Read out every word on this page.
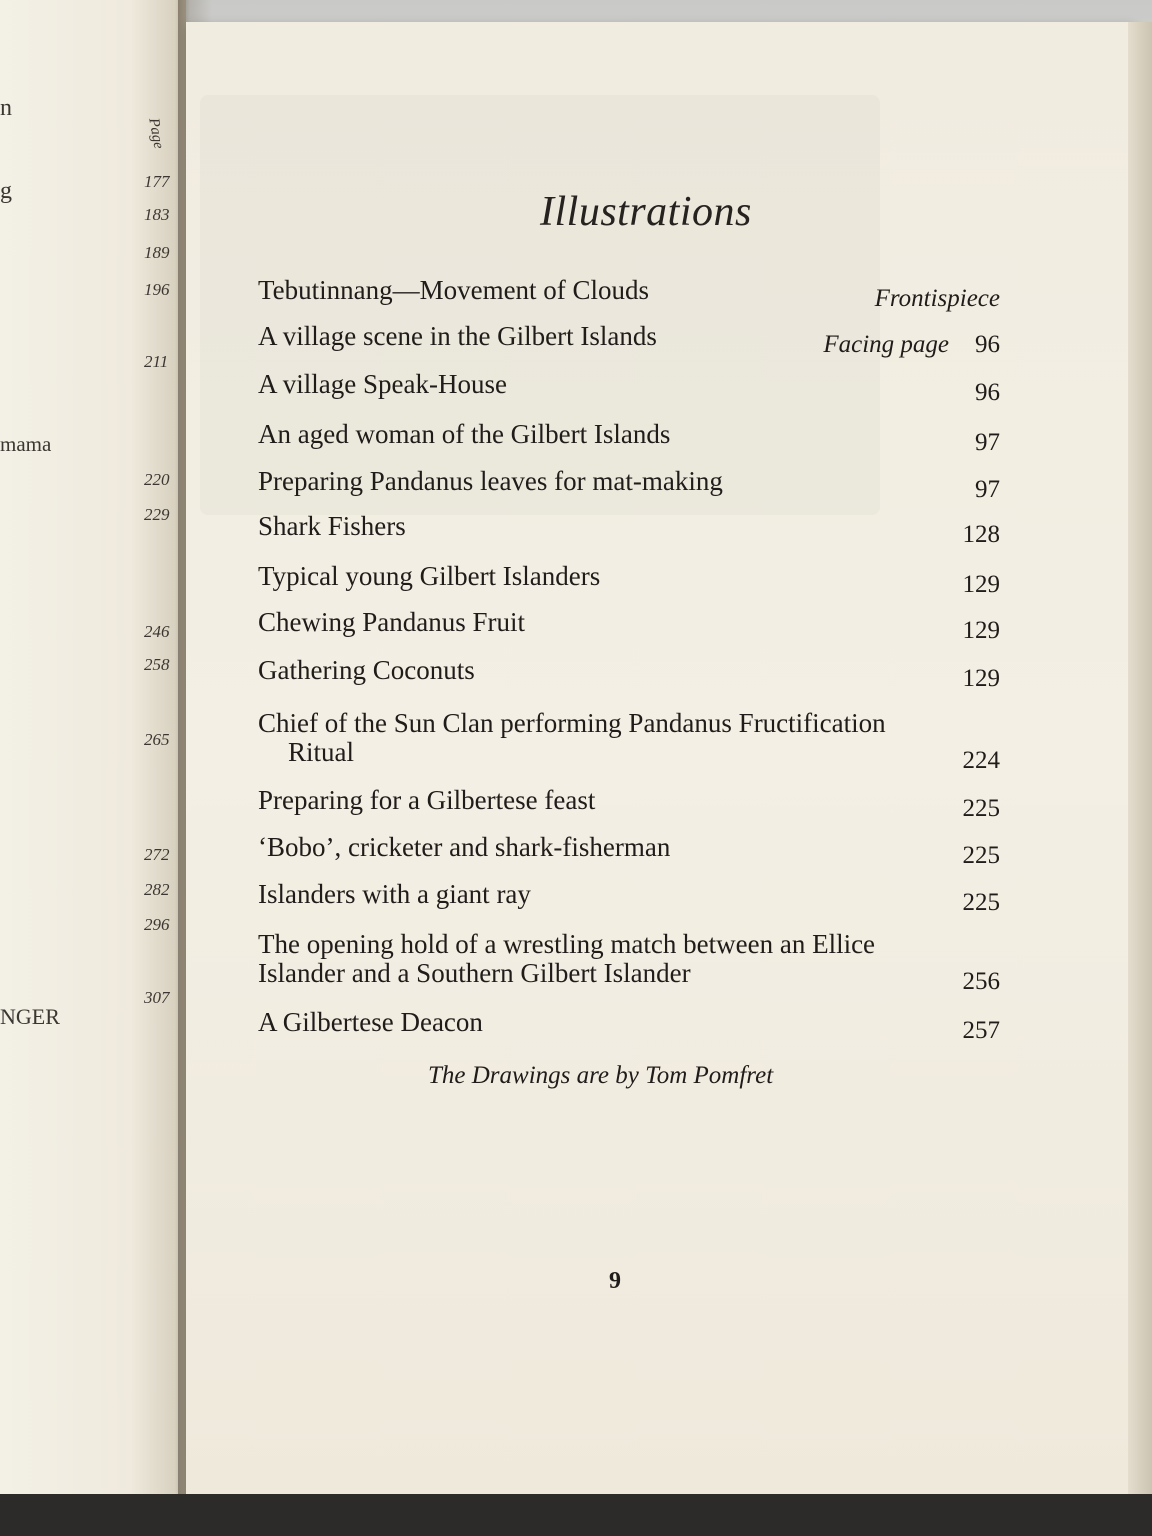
n
g
mama
NGER
Page
177
183
189
196
211
220
229
246
258
265
272
282
296
307
Illustrations
Tebutinnang—Movement of Clouds	Frontispiece
A village scene in the Gilbert Islands	Facing page 96
A village Speak-House	96
An aged woman of the Gilbert Islands	97
Preparing Pandanus leaves for mat-making	97
Shark Fishers	128
Typical young Gilbert Islanders	129
Chewing Pandanus Fruit	129
Gathering Coconuts	129
Chief of the Sun Clan performing Pandanus Fructification
Ritual	224
Preparing for a Gilbertese feast	225
‘Bobo’, cricketer and shark-fisherman	225
Islanders with a giant ray	225
The opening hold of a wrestling match between an Ellice
Islander and a Southern Gilbert Islander	256
A Gilbertese Deacon	257
The Drawings are by Tom Pomfret
9
